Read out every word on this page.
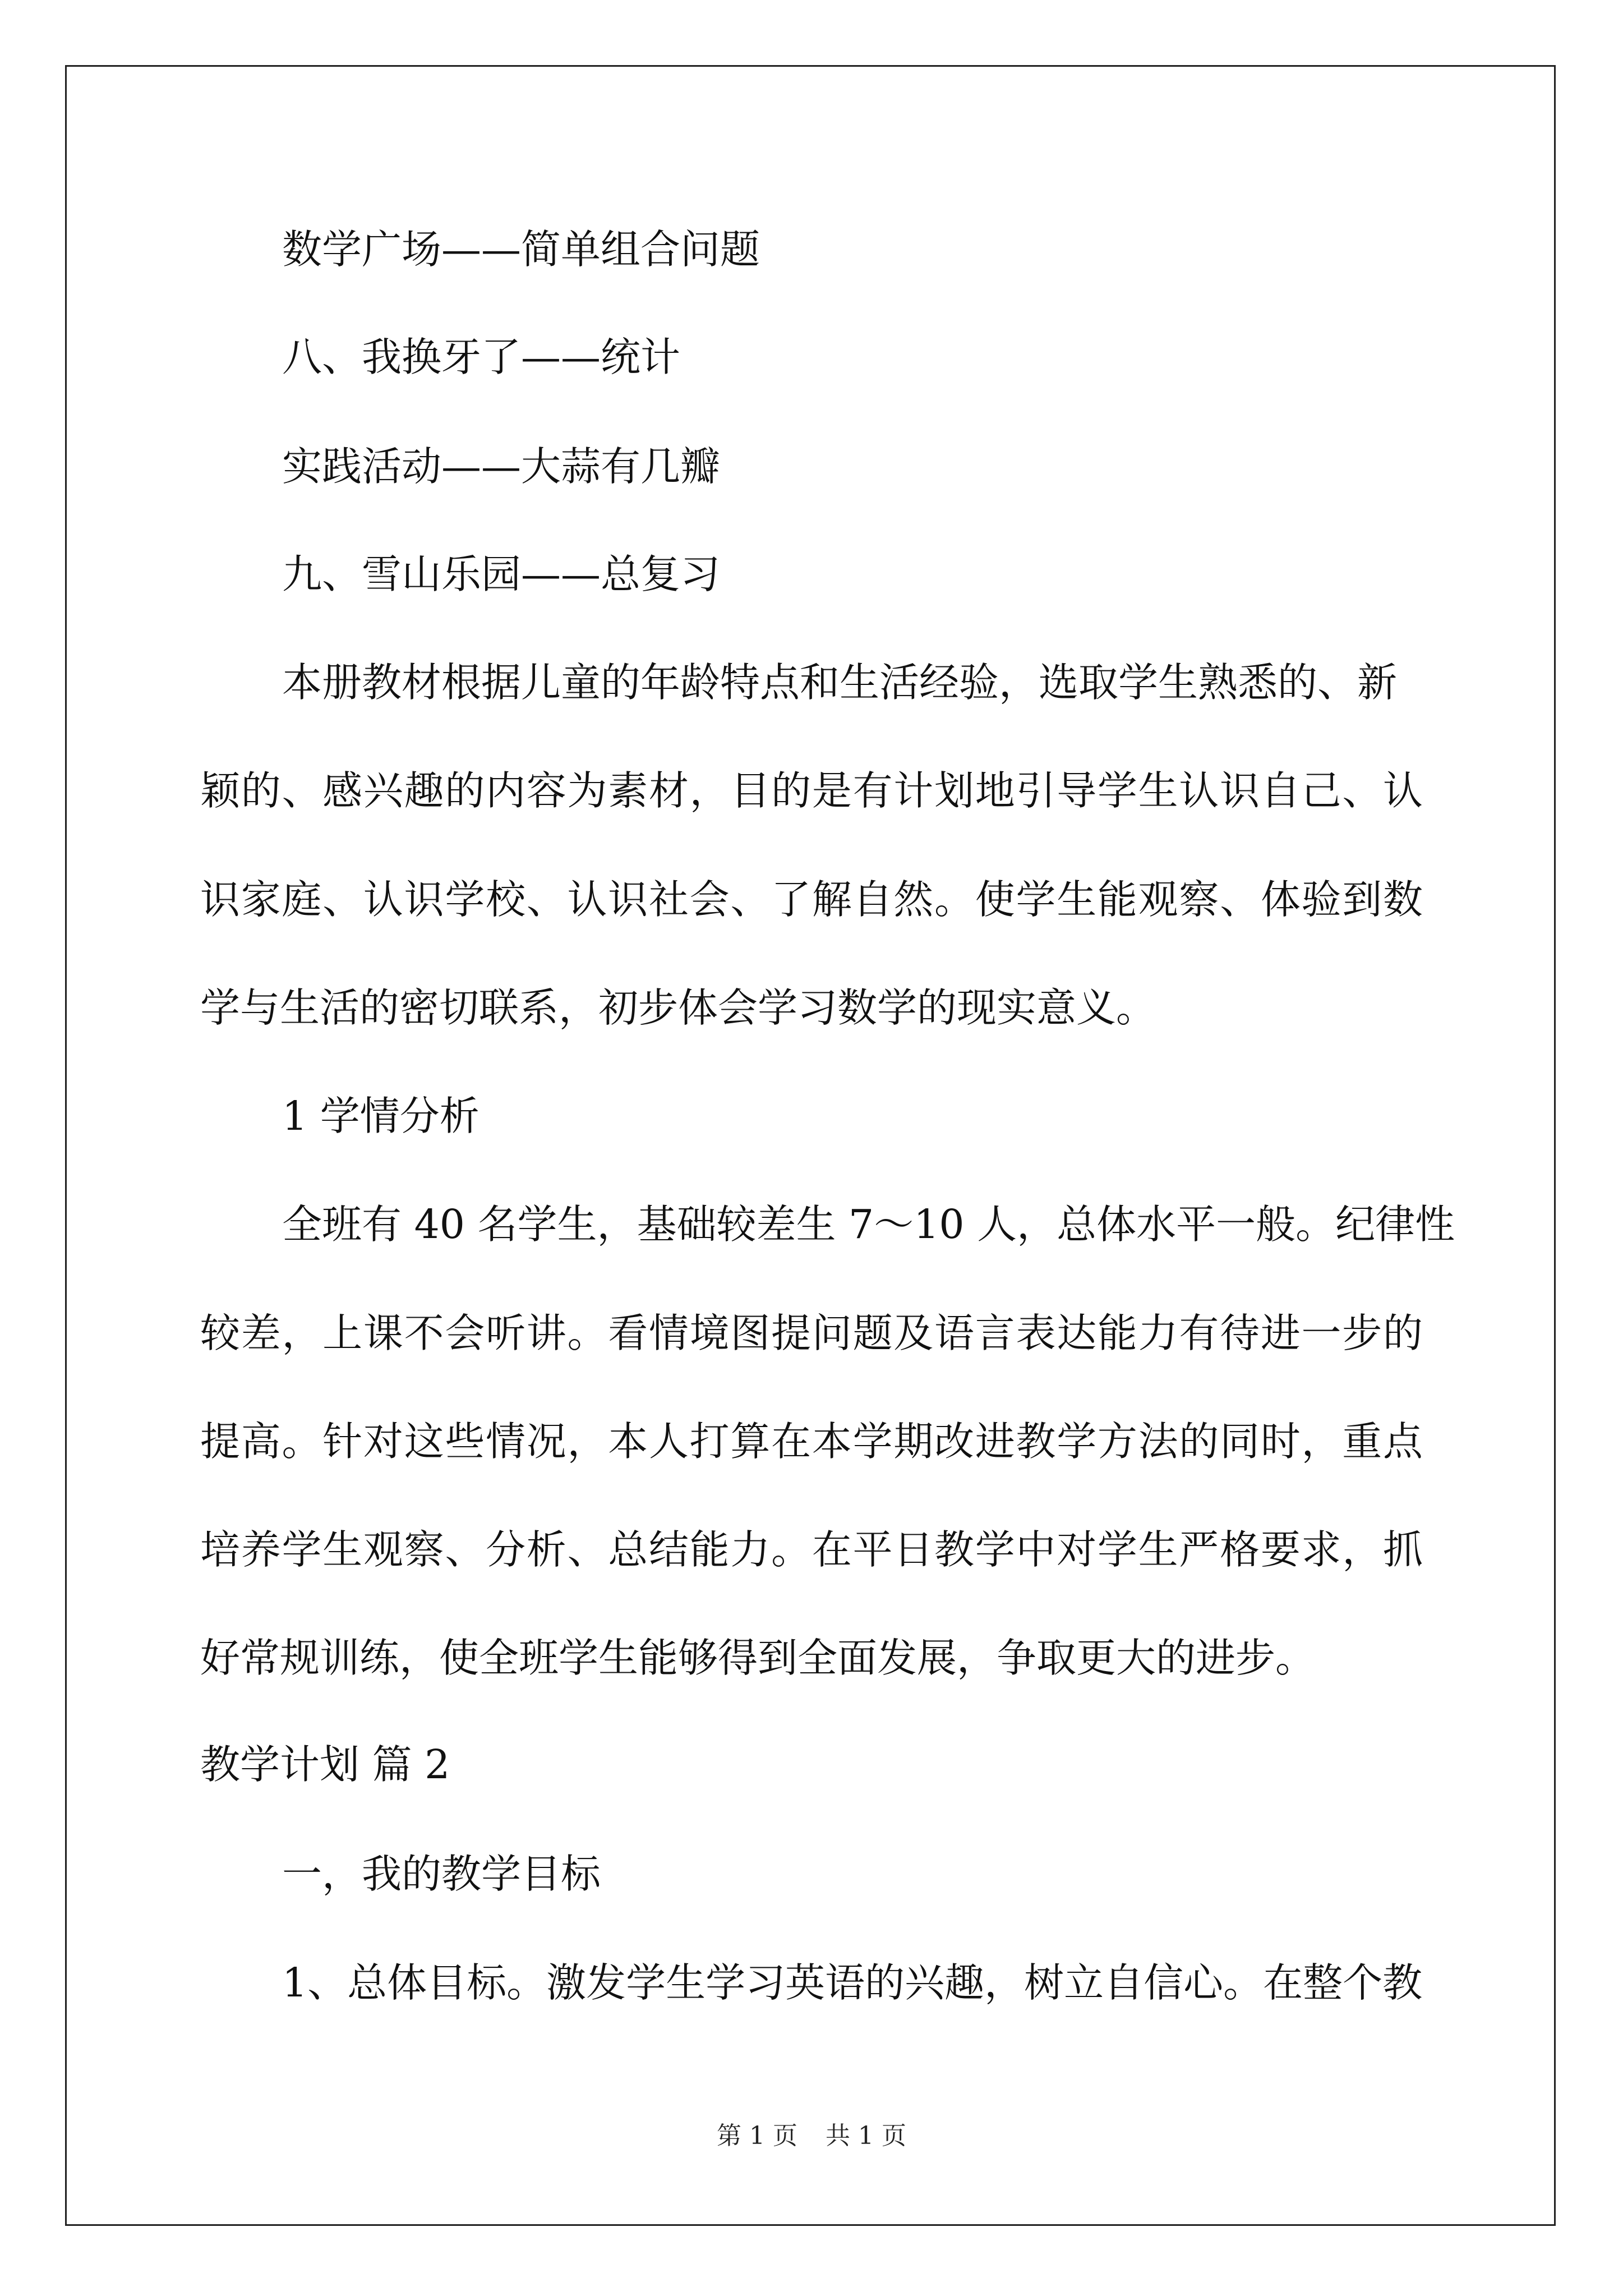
数学广场——简单组合问题
八、我换牙了——统计
实践活动——大蒜有几瓣
九、雪山乐园——总复习
本册教材根据儿童的年龄特点和生活经验，选取学生熟悉的、新
颖的、感兴趣的内容为素材，目的是有计划地引导学生认识自己、认
识家庭、认识学校、认识社会、了解自然。使学生能观察、体验到数
学与生活的密切联系，初步体会学习数学的现实意义。
1 学情分析
全班有 40 名学生，基础较差生 7～10 人，总体水平一般。纪律性
较差，上课不会听讲。看情境图提问题及语言表达能力有待进一步的
提高。针对这些情况，本人打算在本学期改进教学方法的同时，重点
培养学生观察、分析、总结能力。在平日教学中对学生严格要求，抓
好常规训练，使全班学生能够得到全面发展，争取更大的进步。
教学计划 篇 2
一，我的教学目标
1、总体目标。激发学生学习英语的兴趣，树立自信心。在整个教
第 1 页 共 1 页
